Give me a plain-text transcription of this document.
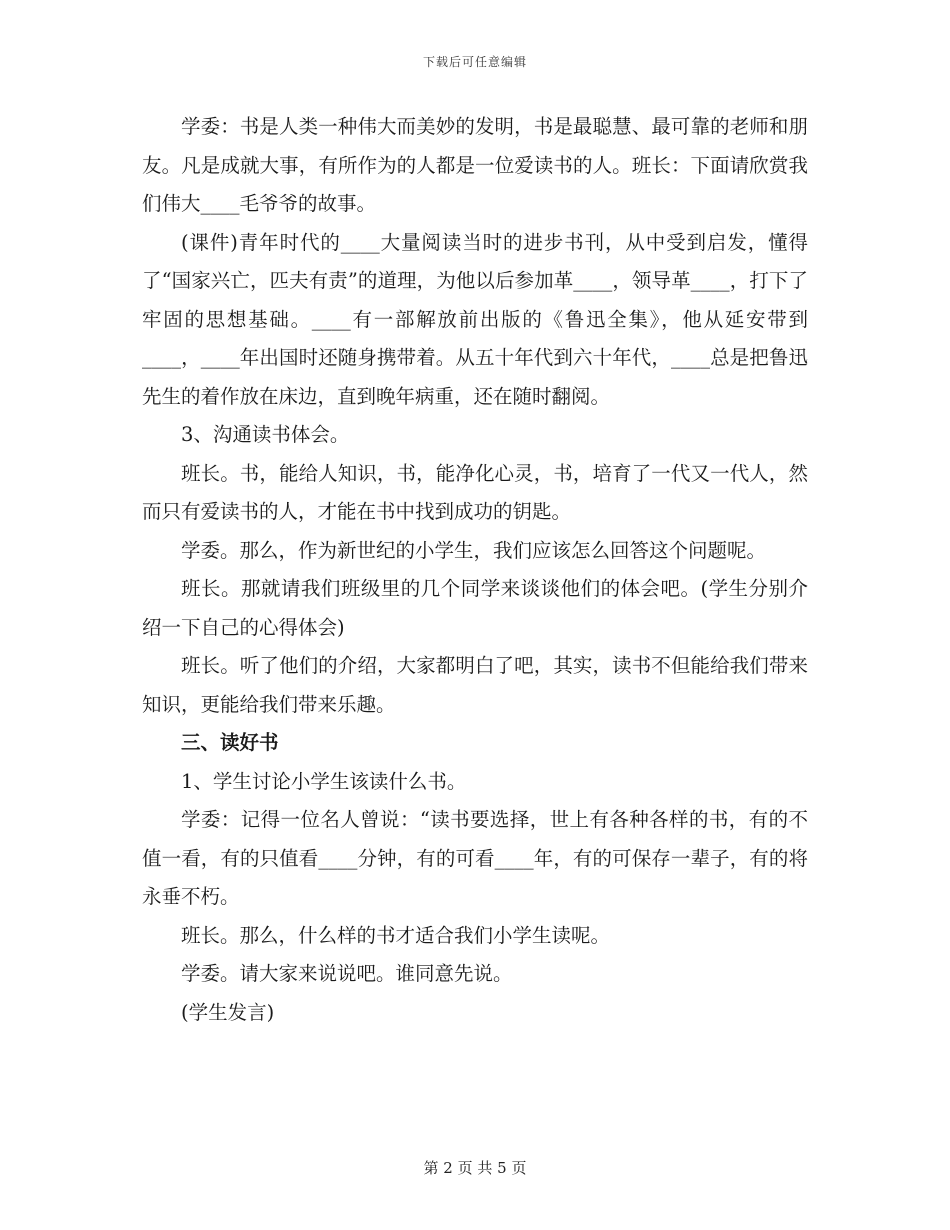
下载后可任意编辑

学委：书是人类一种伟大而美妙的发明，书是最聪慧、最可靠的老师和朋友。凡是成就大事，有所作为的人都是一位爱读书的人。班长：下面请欣赏我们伟大____毛爷爷的故事。

(课件)青年时代的____大量阅读当时的进步书刊，从中受到启发，懂得了“国家兴亡，匹夫有责”的道理，为他以后参加革____，领导革____，打下了牢固的思想基础。____有一部解放前出版的《鲁迅全集》，他从延安带到____，____年出国时还随身携带着。从五十年代到六十年代，____总是把鲁迅先生的着作放在床边，直到晚年病重，还在随时翻阅。

3、沟通读书体会。

班长。书，能给人知识，书，能净化心灵，书，培育了一代又一代人，然而只有爱读书的人，才能在书中找到成功的钥匙。

学委。那么，作为新世纪的小学生，我们应该怎么回答这个问题呢。

班长。那就请我们班级里的几个同学来谈谈他们的体会吧。(学生分别介绍一下自己的心得体会)

班长。听了他们的介绍，大家都明白了吧，其实，读书不但能给我们带来知识，更能给我们带来乐趣。

三、读好书

1、学生讨论小学生该读什么书。

学委：记得一位名人曾说：“读书要选择，世上有各种各样的书，有的不值一看，有的只值看____分钟，有的可看____年，有的可保存一辈子，有的将永垂不朽。

班长。那么，什么样的书才适合我们小学生读呢。

学委。请大家来说说吧。谁同意先说。

(学生发言)

第 2 页 共 5 页
